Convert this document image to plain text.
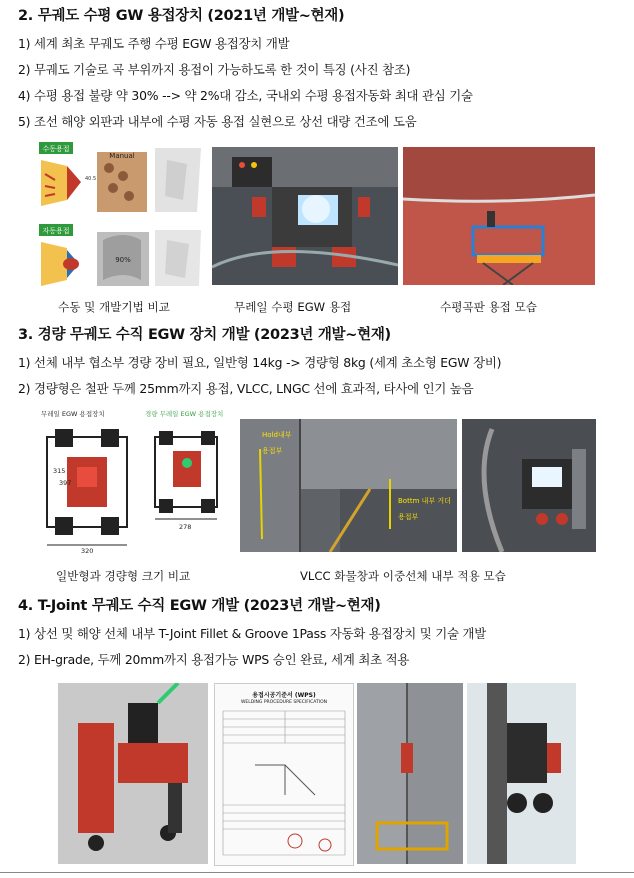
2. 무궤도 수평 GW 용접장치 (2021년 개발~현재)
1) 세계 최초 무궤도 주행 수평 EGW 용접장치 개발
2) 무궤도 기술로 곡 부위까지 용접이 가능하도록 한 것이 특징 (사진 참조)
4) 수평 용접 불량 약 30% --> 약 2%대 감소, 국내외 수평 용접자동화 최대 관심 기술
5) 조선 해양 외판과 내부에 수평 자동 용접 실현으로 상선 대량 건조에 도움
수동용접
40.5
Manual
자동용접
90%
수동 및 개발기법 비교	무레일 수평 EGW 용접	수평곡판 용접 모습
3. 경량 무궤도 수직 EGW 장치 개발 (2023년 개발~현재)
1) 선체 내부 협소부 경량 장비 필요, 일반형 14kg -> 경량형 8kg (세계 초소형 EGW 장비)
2) 경량형은 철판 두께 25mm까지 용접, VLCC, LNGC 선에 효과적, 타사에 인기 높음
무레일 EGW 용접장치	경량 무레일 EGW 용접장치
315
397
320
278
Hold내부
용접부
Bottm 내부 거더
용접부
일반형과 경량형 크기 비교	VLCC 화물창과 이중선체 내부 적용 모습
4. T-Joint 무궤도 수직 EGW 개발 (2023년 개발~현재)
1) 상선 및 해양 선체 내부 T-Joint Fillet & Groove 1Pass 자동화 용접장치 및 기술 개발
2) EH-grade, 두께 20mm까지 용접가능 WPS 승인 완료, 세계 최초 적용
용접시공기준서 (WPS)
WELDING PROCEDURE SPECIFICATION
